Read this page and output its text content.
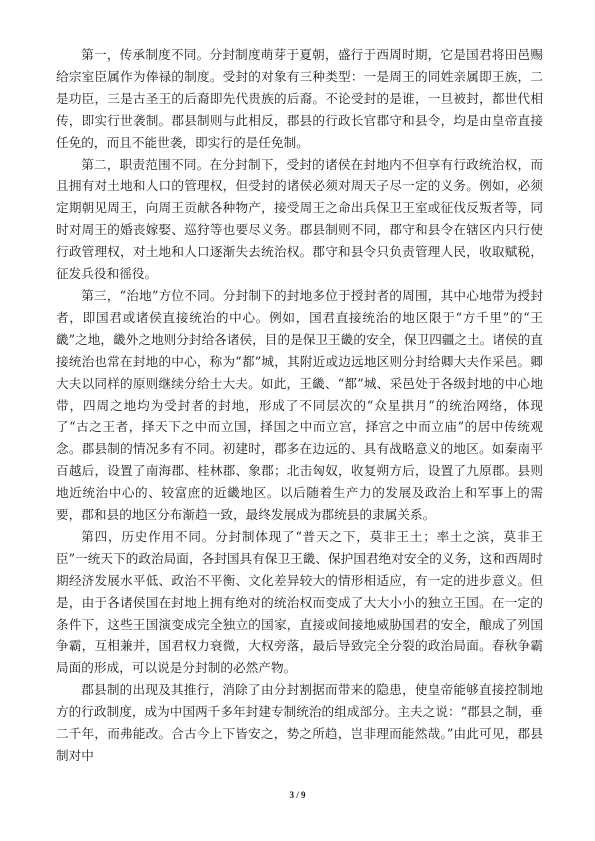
第一，传承制度不同。分封制度萌芽于夏朝，盛行于西周时期，它是国君将田邑赐给宗室臣属作为俸禄的制度。受封的对象有三种类型：一是周王的同姓亲属即王族，二是功臣，三是古圣王的后裔即先代贵族的后裔。不论受封的是谁，一旦被封，都世代相传，即实行世袭制。郡县制则与此相反，郡县的行政长官郡守和县令，均是由皇帝直接任免的，而且不能世袭，即实行的是任免制。

第二，职责范围不同。在分封制下，受封的诸侯在封地内不但享有行政统治权，而且拥有对土地和人口的管理权，但受封的诸侯必须对周天子尽一定的义务。例如，必须定期朝见周王，向周王贡献各种物产，接受周王之命出兵保卫王室或征伐反叛者等，同时对周王的婚丧嫁娶、巡狩等也要尽义务。郡县制则不同，郡守和县令在辖区内只行使行政管理权，对土地和人口逐渐失去统治权。郡守和县令只负责管理人民，收取赋税，征发兵役和徭役。

第三，“治地”方位不同。分封制下的封地多位于授封者的周围，其中心地带为授封者，即国君或诸侯直接统治的中心。例如，国君直接统治的地区限于“方千里”的“王畿”之地，畿外之地则分封给各诸侯，目的是保卫王畿的安全，保卫四疆之土。诸侯的直接统治也常在封地的中心，称为“都”城，其附近或边远地区则分封给卿大夫作采邑。卿大夫以同样的原则继续分给士大夫。如此，王畿、“都”城、采邑处于各级封地的中心地带，四周之地均为受封者的封地，形成了不同层次的“众星拱月”的统治网络，体现了“古之王者，择天下之中而立国，择国之中而立宫，择宫之中而立庙”的居中传统观念。郡县制的情况多有不同。初建时，郡多在边远的、具有战略意义的地区。如秦南平百越后，设置了南海郡、桂林郡、象郡；北击匈奴，收复朔方后，设置了九原郡。县则地近统治中心的、较富庶的近畿地区。以后随着生产力的发展及政治上和军事上的需要，郡和县的地区分布渐趋一致，最终发展成为郡统县的隶属关系。

第四，历史作用不同。分封制体现了“普天之下，莫非王土；率土之滨，莫非王臣”一统天下的政治局面，各封国具有保卫王畿、保护国君绝对安全的义务，这和西周时期经济发展水平低、政治不平衡、文化差异较大的情形相适应，有一定的进步意义。但是，由于各诸侯国在封地上拥有绝对的统治权而变成了大大小小的独立王国。在一定的条件下，这些王国演变成完全独立的国家，直接或间接地威胁国君的安全，酿成了列国争霸，互相兼并，国君权力衰微，大权旁落，最后导致完全分裂的政治局面。春秋争霸局面的形成，可以说是分封制的必然产物。

郡县制的出现及其推行，消除了由分封割据而带来的隐患，使皇帝能够直接控制地方的行政制度，成为中国两千多年封建专制统治的组成部分。主夫之说：“郡县之制，垂二千年，而弗能改。合古今上下皆安之，势之所趋，岂非理而能然哉。”由此可见，郡县制对中

3 / 9
